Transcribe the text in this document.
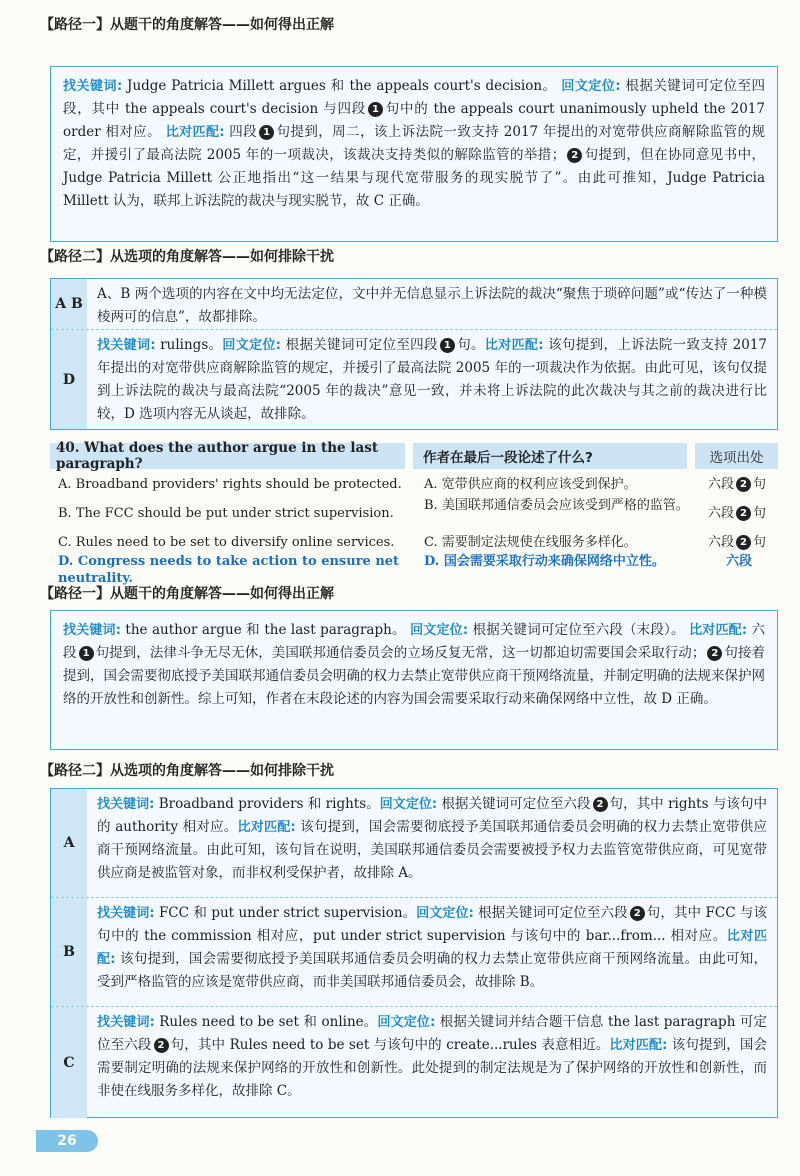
【路径一】从题干的角度解答——如何得出正解
找关键词: Judge Patricia Millett argues 和 the appeals court's decision。 回文定位: 根据关键词可定位至四段，其中 the appeals court's decision 与四段 1 句中的 the appeals court unanimously upheld the 2017 order 相对应。 比对匹配: 四段 1 句提到，周二，该上诉法院一致支持 2017 年提出的对宽带供应商解除监管的规定，并援引了最高法院 2005 年的一项裁决，该裁决支持类似的解除监管的举措； 2 句提到，但在协同意见书中，Judge Patricia Millett 公正地指出“这一结果与现代宽带服务的现实脱节了”。由此可推知，Judge Patricia Millett 认为，联邦上诉法院的裁决与现实脱节，故 C 正确。
【路径二】从选项的角度解答——如何排除干扰
A B
A、B 两个选项的内容在文中均无法定位，文中并无信息显示上诉法院的裁决“聚焦于琐碎问题”或“传达了一种模棱两可的信息”，故都排除。
D
找关键词: rulings。回文定位: 根据关键词可定位至四段 1 句。比对匹配: 该句提到，上诉法院一致支持 2017 年提出的对宽带供应商解除监管的规定，并援引了最高法院 2005 年的一项裁决作为依据。由此可见，该句仅提到上诉法院的裁决与最高法院“2005 年的裁决”意见一致，并未将上诉法院的此次裁决与其之前的裁决进行比较，D 选项内容无从谈起，故排除。
40. What does the author argue in the last paragraph?	作者在最后一段论述了什么?	选项出处
A. Broadband providers' rights should be protected.
B. The FCC should be put under strict supervision.
C. Rules need to be set to diversify online services.
D. Congress needs to take action to ensure net neutrality.
A. 宽带供应商的权利应该受到保护。
B. 美国联邦通信委员会应该受到严格的监管。
C. 需要制定法规使在线服务多样化。
D. 国会需要采取行动来确保网络中立性。
六段 2 句
六段 2 句
六段 2 句
六段
【路径一】从题干的角度解答——如何得出正解
找关键词: the author argue 和 the last paragraph。 回文定位: 根据关键词可定位至六段（末段）。 比对匹配: 六段 1 句提到，法律斗争无尽无休，美国联邦通信委员会的立场反复无常，这一切都迫切需要国会采取行动； 2 句接着提到，国会需要彻底授予美国联邦通信委员会明确的权力去禁止宽带供应商干预网络流量，并制定明确的法规来保护网络的开放性和创新性。综上可知，作者在末段论述的内容为国会需要采取行动来确保网络中立性，故 D 正确。
【路径二】从选项的角度解答——如何排除干扰
A
找关键词: Broadband providers 和 rights。回文定位: 根据关键词可定位至六段 2 句，其中 rights 与该句中的 authority 相对应。比对匹配: 该句提到，国会需要彻底授予美国联邦通信委员会明确的权力去禁止宽带供应商干预网络流量。由此可知，该句旨在说明，美国联邦通信委员会需要被授予权力去监管宽带供应商，可见宽带供应商是被监管对象，而非权利受保护者，故排除 A。
B
找关键词: FCC 和 put under strict supervision。回文定位: 根据关键词可定位至六段 2 句，其中 FCC 与该句中的 the commission 相对应，put under strict supervision 与该句中的 bar...from... 相对应。比对匹配: 该句提到，国会需要彻底授予美国联邦通信委员会明确的权力去禁止宽带供应商干预网络流量。由此可知，受到严格监管的应该是宽带供应商，而非美国联邦通信委员会，故排除 B。
C
找关键词: Rules need to be set 和 online。回文定位: 根据关键词并结合题干信息 the last paragraph 可定位至六段 2 句，其中 Rules need to be set 与该句中的 create...rules 表意相近。比对匹配: 该句提到，国会需要制定明确的法规来保护网络的开放性和创新性。此处提到的制定法规是为了保护网络的开放性和创新性，而非使在线服务多样化，故排除 C。
26
